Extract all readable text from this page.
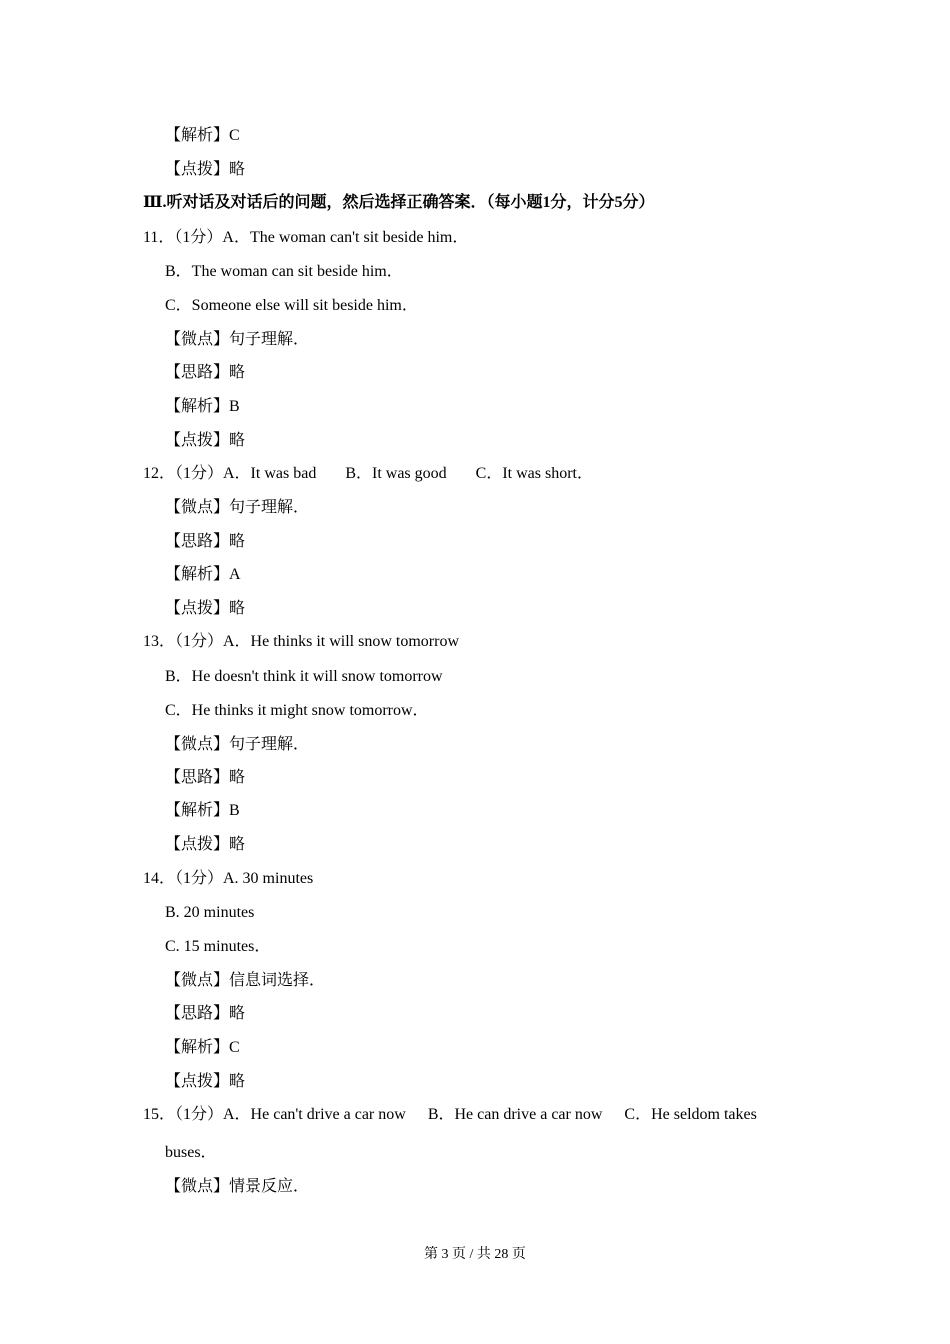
【解析】C
【点拨】略
Ⅲ.听对话及对话后的问题，然后选择正确答案．（每小题1分，计分5分）
11．（1分）A．The woman can't sit beside him．
B．The woman can sit beside him．
C．Someone else will sit beside him．
【微点】句子理解．
【思路】略
【解析】B
【点拨】略
12．（1分）A．It was bad B．It was good C．It was short．
【微点】句子理解．
【思路】略
【解析】A
【点拨】略
13．（1分）A．He thinks it will snow tomorrow
B．He doesn't think it will snow tomorrow
C．He thinks it might snow tomorrow．
【微点】句子理解．
【思路】略
【解析】B
【点拨】略
14．（1分）A. 30 minutes
B. 20 minutes
C. 15 minutes．
【微点】信息词选择．
【思路】略
【解析】C
【点拨】略
15．（1分）A．He can't drive a car now B．He can drive a car now C．He seldom takes
buses．
【微点】情景反应．
第 3 页 / 共 28 页
